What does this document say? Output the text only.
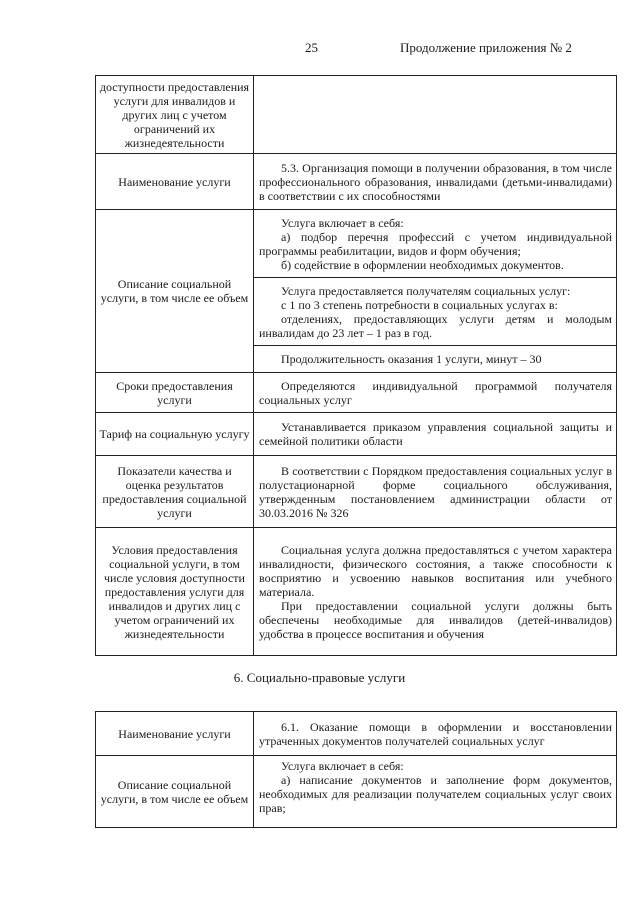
25	Продолжение приложения № 2
доступности предоставления услуги для инвалидов и других лиц с учетом ограничений их жизнедеятельности	
Наименование услуги	5.3. Организация помощи в получении образования, в том числе профессионального образования, инвалидами (детьми-инвалидами) в соответствии с их способностями

Описание социальной услуги, в том числе ее объем	Услуга включает в себя:

а) подбор перечня профессий с учетом индивидуальной программы реабилитации, видов и форм обучения;

б) содействие в оформлении необходимых документов.

	Услуга предоставляется получателям социальных услуг:

с 1 по 3 степень потребности в социальных услугах в:

отделениях, предоставляющих услуги детям и молодым инвалидам до 23 лет – 1 раз в год.

	Продолжительность оказания 1 услуги, минут – 30

Сроки предоставления услуги	Определяются индивидуальной программой получателя социальных услуг

Тариф на социальную услугу	Устанавливается приказом управления социальной защиты и семейной политики области

Показатели качества и оценка результатов предоставления социальной услуги	В соответствии с Порядком предоставления социальных услуг в полустационарной форме социального обслуживания, утвержденным постановлением администрации области от 30.03.2016 № 326

Условия предоставления социальной услуги, в том числе условия доступности предоставления услуги для инвалидов и других лиц с учетом ограничений их жизнедеятельности	Социальная услуга должна предоставляться с учетом характера инвалидности, физического состояния, а также способности к восприятию и усвоению навыков воспитания или учебного материала.

При предоставлении социальной услуги должны быть обеспечены необходимые для инвалидов (детей-инвалидов) удобства в процессе воспитания и обучения

6. Социально-правовые услуги
Наименование услуги	6.1. Оказание помощи в оформлении и восстановлении утраченных документов получателей социальных услуг

Описание социальной услуги, в том числе ее объем	Услуга включает в себя:

а) написание документов и заполнение форм документов, необходимых для реализации получателем социальных услуг своих прав;
